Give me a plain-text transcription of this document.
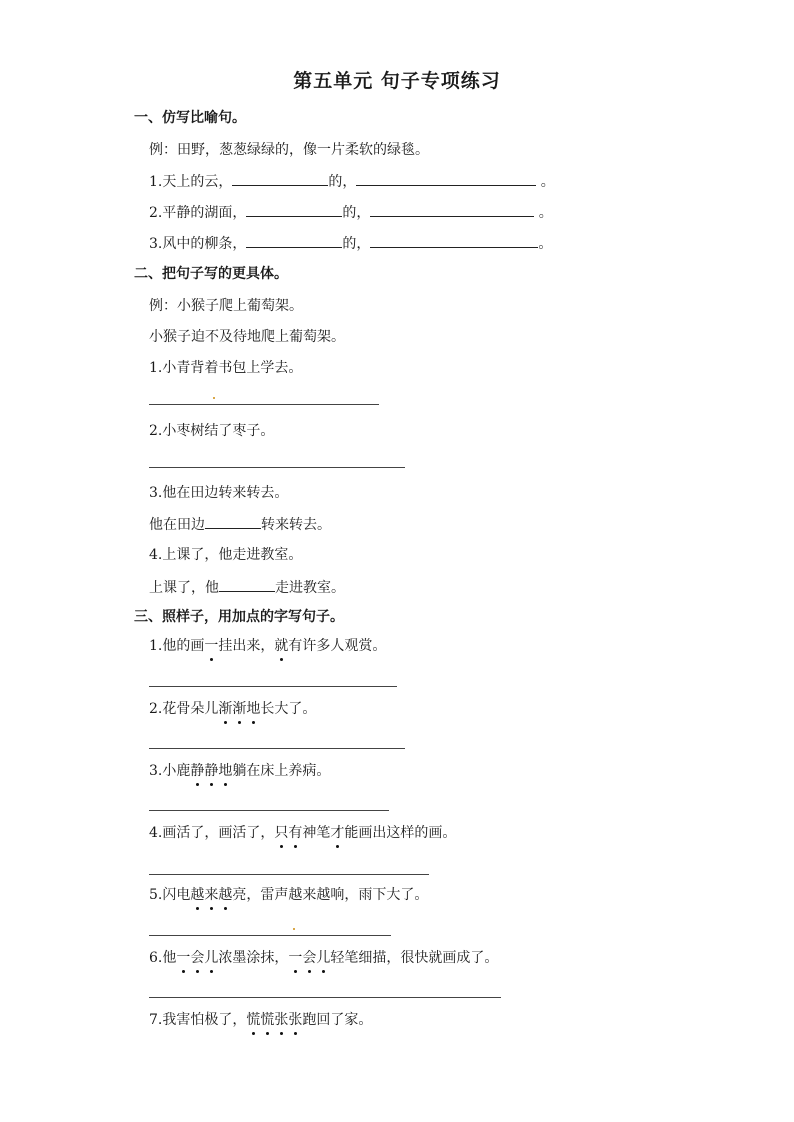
第五单元 句子专项练习
一、仿写比喻句。
例：田野，葱葱绿绿的，像一片柔软的绿毯。
1.天上的云，	的，	。
2.平静的湖面，	的，	。
3.风中的柳条，	的，	。
二、把句子写的更具体。
例：小猴子爬上葡萄架。
小猴子迫不及待地爬上葡萄架。
1.小青背着书包上学去。
2.小枣树结了枣子。
3.他在田边转来转去。
他在田边	转来转去。
4.上课了，他走进教室。
上课了，他	走进教室。
三、照样子，用加点的字写句子。
1.他的画一挂出来，就有许多人观赏。
2.花骨朵儿渐渐地长大了。
3.小鹿静静地躺在床上养病。
4.画活了，画活了，只有神笔才能画出这样的画。
5.闪电越来越亮，雷声越来越响，雨下大了。
6.他一会儿浓墨涂抹，一会儿轻笔细描，很快就画成了。
7.我害怕极了，慌慌张张跑回了家。
